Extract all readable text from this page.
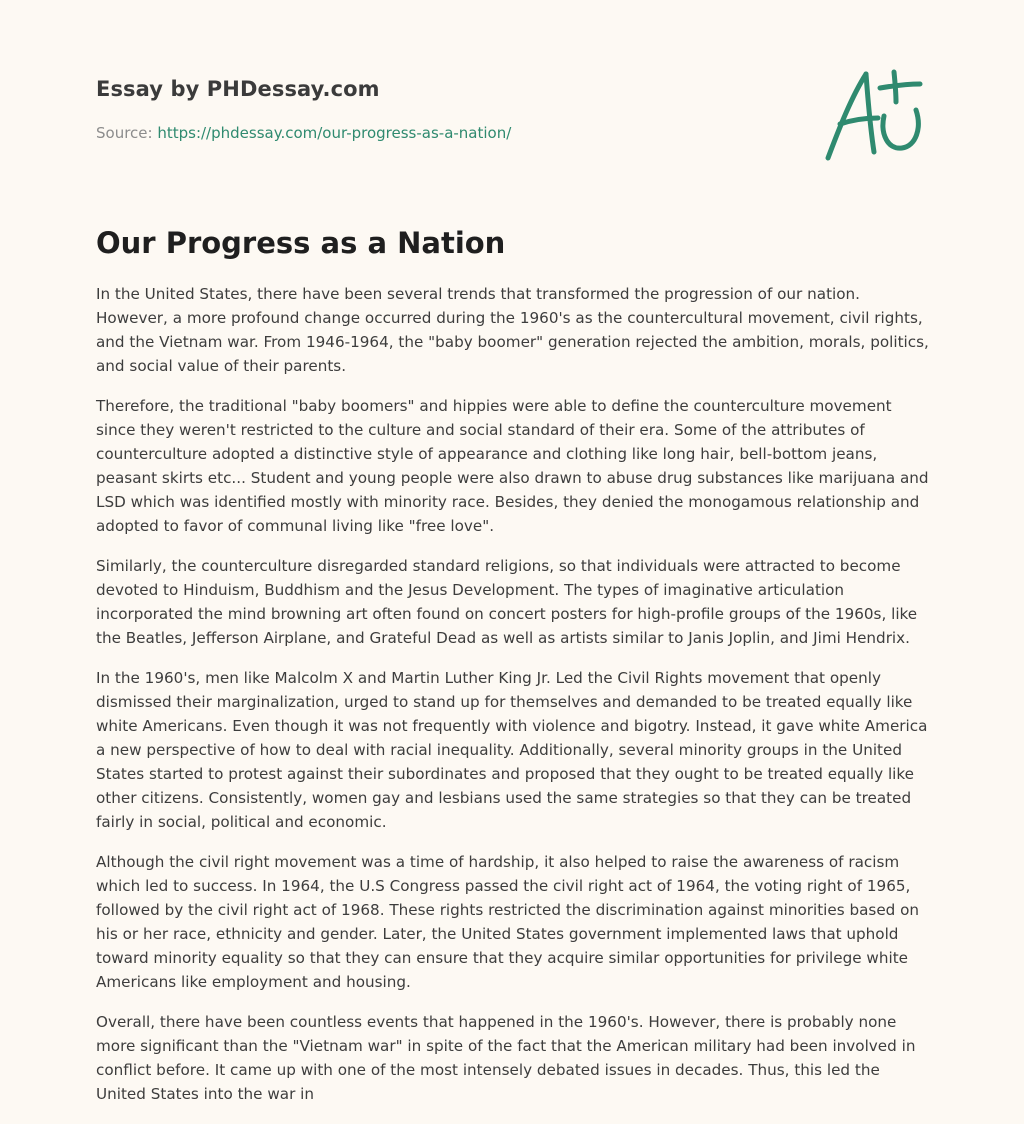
Essay by PHDessay.com
Source: https://phdessay.com/our-progress-as-a-nation/
Our Progress as a Nation

In the United States, there have been several trends that transformed the progression of our nation. However, a more profound change occurred during the 1960's as the countercultural movement, civil rights, and the Vietnam war. From 1946-1964, the "baby boomer" generation rejected the ambition, morals, politics, and social value of their parents.

Therefore, the traditional "baby boomers" and hippies were able to define the counterculture movement since they weren't restricted to the culture and social standard of their era. Some of the attributes of counterculture adopted a distinctive style of appearance and clothing like long hair, bell-bottom jeans, peasant skirts etc... Student and young people were also drawn to abuse drug substances like marijuana and LSD which was identified mostly with minority race. Besides, they denied the monogamous relationship and adopted to favor of communal living like "free love".

Similarly, the counterculture disregarded standard religions, so that individuals were attracted to become devoted to Hinduism, Buddhism and the Jesus Development. The types of imaginative articulation incorporated the mind browning art often found on concert posters for high-profile groups of the 1960s, like the Beatles, Jefferson Airplane, and Grateful Dead as well as artists similar to Janis Joplin, and Jimi Hendrix.

In the 1960's, men like Malcolm X and Martin Luther King Jr. Led the Civil Rights movement that openly dismissed their marginalization, urged to stand up for themselves and demanded to be treated equally like white Americans. Even though it was not frequently with violence and bigotry. Instead, it gave white America a new perspective of how to deal with racial inequality. Additionally, several minority groups in the United States started to protest against their subordinates and proposed that they ought to be treated equally like other citizens. Consistently, women gay and lesbians used the same strategies so that they can be treated fairly in social, political and economic.

Although the civil right movement was a time of hardship, it also helped to raise the awareness of racism which led to success. In 1964, the U.S Congress passed the civil right act of 1964, the voting right of 1965, followed by the civil right act of 1968. These rights restricted the discrimination against minorities based on his or her race, ethnicity and gender. Later, the United States government implemented laws that uphold toward minority equality so that they can ensure that they acquire similar opportunities for privilege white Americans like employment and housing.

Overall, there have been countless events that happened in the 1960's. However, there is probably none more significant than the "Vietnam war" in spite of the fact that the American military had been involved in conflict before. It came up with one of the most intensely debated issues in decades. Thus, this led the United States into the war in
